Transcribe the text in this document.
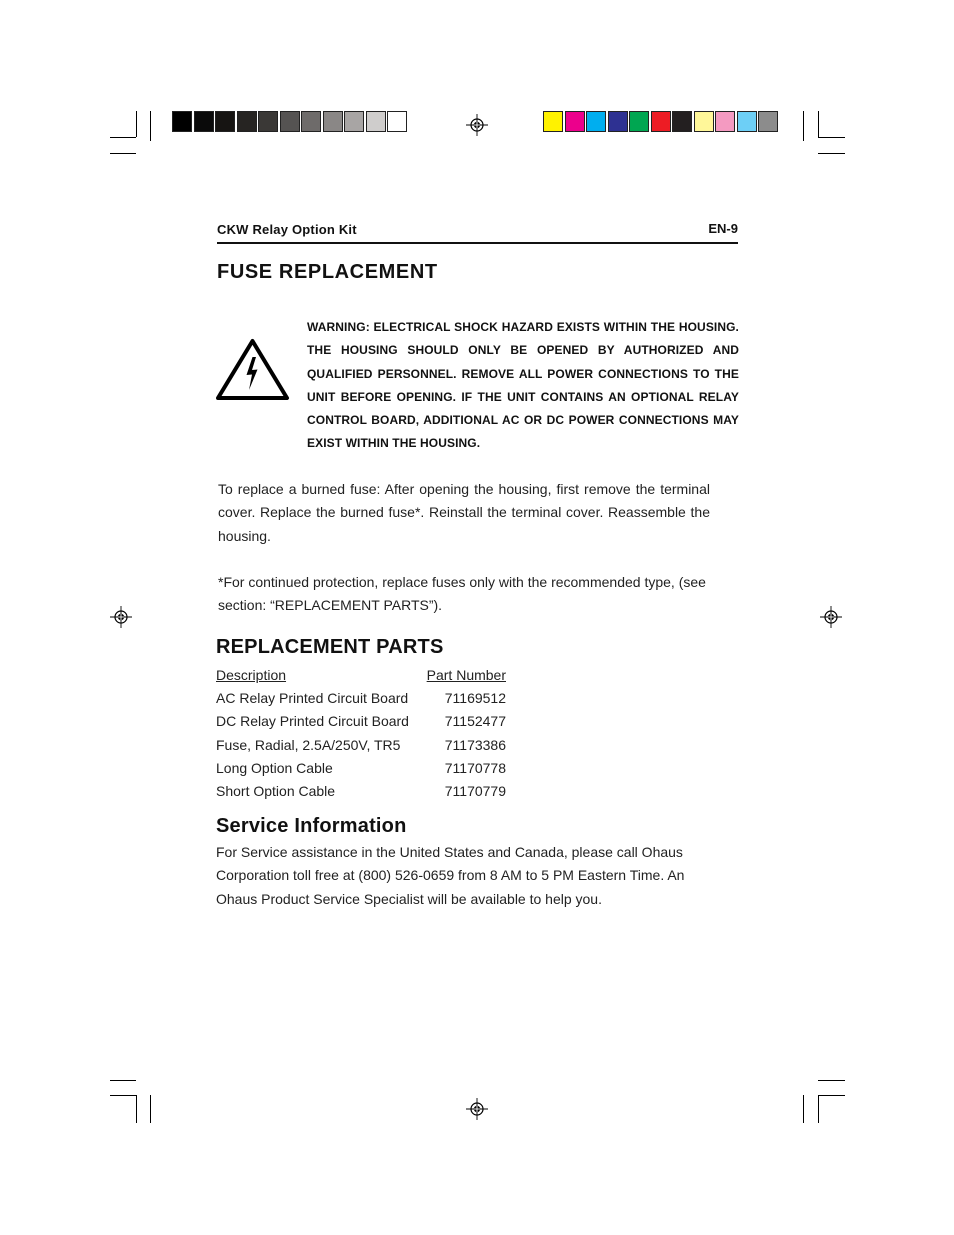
CKW Relay Option Kit	EN-9
FUSE REPLACEMENT
WARNING: ELECTRICAL SHOCK HAZARD EXISTS WITHIN THE HOUSING. THE HOUSING SHOULD ONLY BE OPENED BY AUTHORIZED AND QUALIFIED PERSONNEL. REMOVE ALL POWER CONNECTIONS TO THE UNIT BEFORE OPENING. IF THE UNIT CONTAINS AN OPTIONAL RELAY CONTROL BOARD, ADDITIONAL AC OR DC POWER CONNECTIONS MAY EXIST WITHIN THE HOUSING.
To replace a burned fuse: After opening the housing, first remove the terminal cover. Replace the burned fuse*. Reinstall the terminal cover. Reassemble the housing.
*For continued protection, replace fuses only with the recommended type, (see section: “REPLACEMENT PARTS”).
REPLACEMENT PARTS
Description	Part Number
AC Relay Printed Circuit Board	71169512
DC Relay Printed Circuit Board	71152477
Fuse, Radial, 2.5A/250V, TR5	71173386
Long Option Cable	71170778
Short Option Cable	71170779
Service Information
For Service assistance in the United States and Canada, please call Ohaus Corporation toll free at (800) 526-0659 from 8 AM to 5 PM Eastern Time. An Ohaus Product Service Specialist will be available to help you.
